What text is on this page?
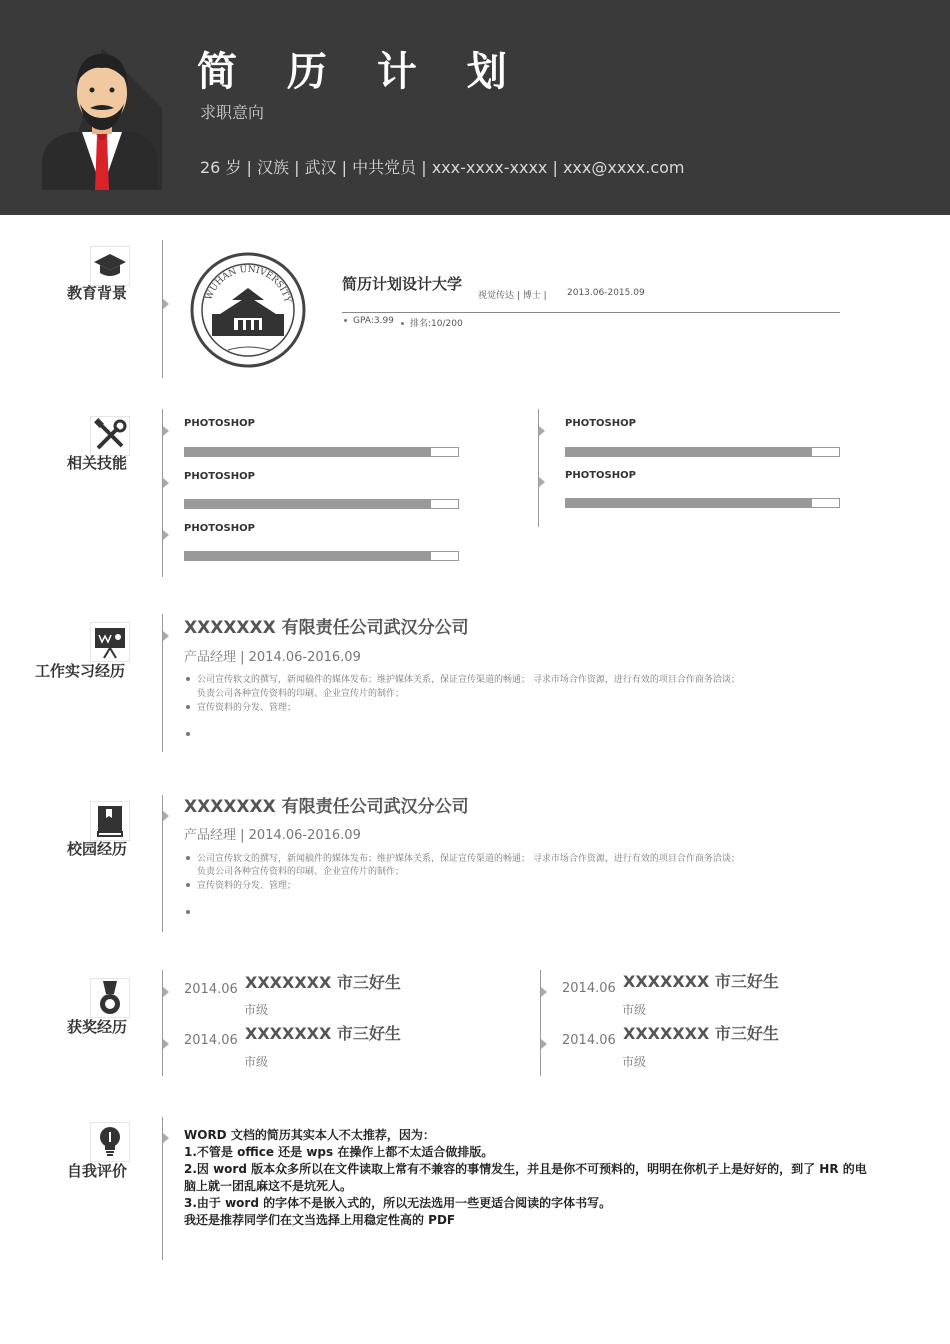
简 历 计 划
求职意向
26 岁 | 汉族 | 武汉 | 中共党员 | xxx-xxxx-xxxx | xxx@xxxx.com
教育背景	WUHAN UNIVERSITY
简历计划设计大学
视觉传达 | 博士 | 2013.06-2015.09
GPA:3.99	排名:10/200
相关技能
PHOTOSHOP
PHOTOSHOP
PHOTOSHOP
PHOTOSHOP
PHOTOSHOP
工作实习经历
XXXXXXX 有限责任公司武汉分公司
产品经理 | 2014.06-2016.09
公司宣传软文的撰写，新闻稿件的媒体发布；维护媒体关系，保证宣传渠道的畅通； 寻求市场合作资源，进行有效的项目合作商务洽谈；
负责公司各种宣传资料的印刷、企业宣传片的制作；
宣传资料的分发、管理；
校园经历
XXXXXXX 有限责任公司武汉分公司
产品经理 | 2014.06-2016.09
公司宣传软文的撰写，新闻稿件的媒体发布；维护媒体关系，保证宣传渠道的畅通； 寻求市场合作资源，进行有效的项目合作商务洽谈；
负责公司各种宣传资料的印刷、企业宣传片的制作；
宣传资料的分发、管理；
获奖经历
2014.06 XXXXXXX 市三好生
市级
2014.06 XXXXXXX 市三好生
市级
2014.06 XXXXXXX 市三好生
市级
2014.06 XXXXXXX 市三好生
市级
自我评价
WORD 文档的简历其实本人不太推荐，因为：
1.不管是 office 还是 wps 在操作上都不太适合做排版。
2.因 word 版本众多所以在文件读取上常有不兼容的事情发生，并且是你不可预料的，明明在你机子上是好好的，到了 HR 的电脑上就一团乱麻这不是坑死人。
3.由于 word 的字体不是嵌入式的，所以无法选用一些更适合阅读的字体书写。
我还是推荐同学们在文当选择上用稳定性高的 PDF
